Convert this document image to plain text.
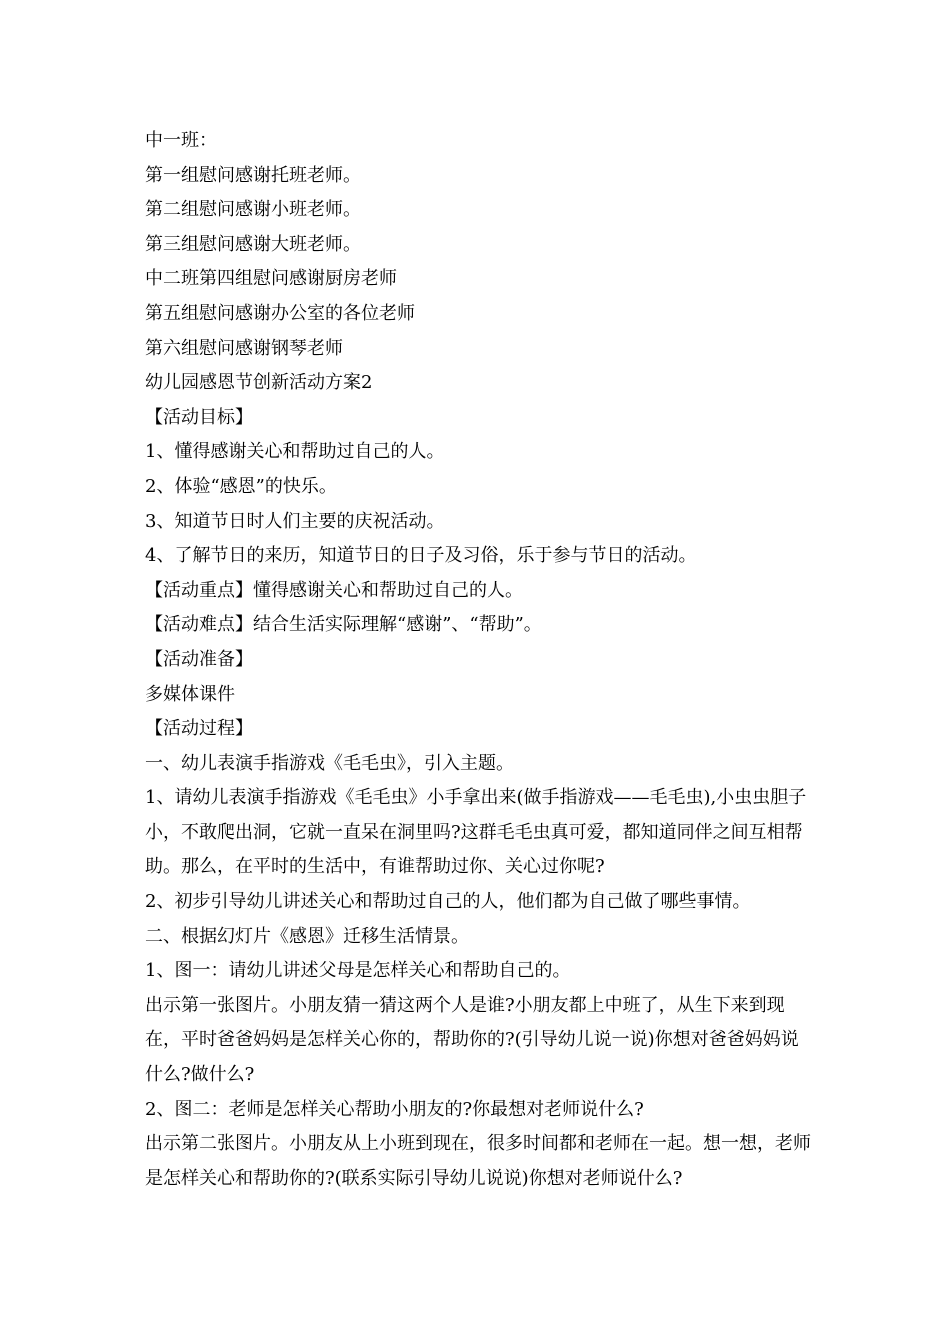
中一班：
第一组慰问感谢托班老师。
第二组慰问感谢小班老师。
第三组慰问感谢大班老师。
中二班第四组慰问感谢厨房老师
第五组慰问感谢办公室的各位老师
第六组慰问感谢钢琴老师
幼儿园感恩节创新活动方案2
【活动目标】
1、懂得感谢关心和帮助过自己的人。
2、体验“感恩”的快乐。
3、知道节日时人们主要的庆祝活动。
4、了解节日的来历，知道节日的日子及习俗，乐于参与节日的活动。
【活动重点】懂得感谢关心和帮助过自己的人。
【活动难点】结合生活实际理解“感谢”、“帮助”。
【活动准备】
多媒体课件
【活动过程】
一、幼儿表演手指游戏《毛毛虫》，引入主题。
1、请幼儿表演手指游戏《毛毛虫》小手拿出来(做手指游戏——毛毛虫),小虫虫胆子小，不敢爬出洞，它就一直呆在洞里吗?这群毛毛虫真可爱，都知道同伴之间互相帮助。那么，在平时的生活中，有谁帮助过你、关心过你呢?
2、初步引导幼儿讲述关心和帮助过自己的人，他们都为自己做了哪些事情。
二、根据幻灯片《感恩》迁移生活情景。
1、图一：请幼儿讲述父母是怎样关心和帮助自己的。
出示第一张图片。小朋友猜一猜这两个人是谁?小朋友都上中班了，从生下来到现在，平时爸爸妈妈是怎样关心你的，帮助你的?(引导幼儿说一说)你想对爸爸妈妈说什么?做什么?
2、图二：老师是怎样关心帮助小朋友的?你最想对老师说什么?
出示第二张图片。小朋友从上小班到现在，很多时间都和老师在一起。想一想，老师是怎样关心和帮助你的?(联系实际引导幼儿说说)你想对老师说什么?
